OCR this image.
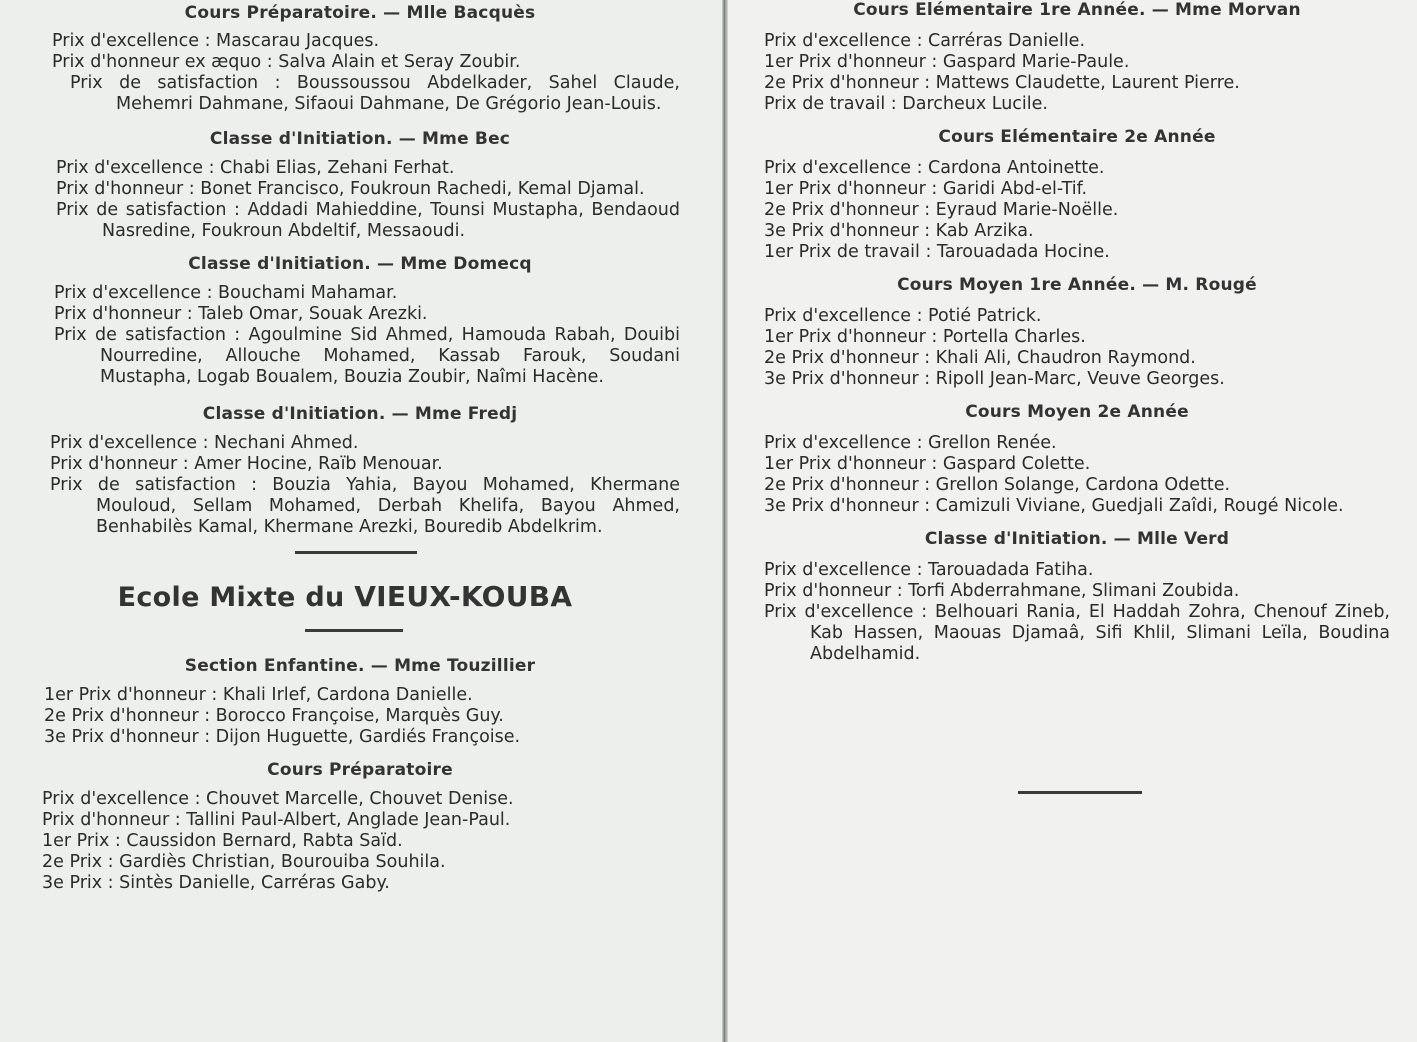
Cours Préparatoire. — Mlle Bacquès
Prix d'excellence : Mascarau Jacques.
Prix d'honneur ex æquo : Salva Alain et Seray Zoubir.
Prix de satisfaction : Boussoussou Abdelkader, Sahel Claude, Mehemri Dahmane, Sifaoui Dahmane, De Grégorio Jean-Louis.
Classe d'Initiation. — Mme Bec
Prix d'excellence : Chabi Elias, Zehani Ferhat.
Prix d'honneur : Bonet Francisco, Foukroun Rachedi, Kemal Djamal.
Prix de satisfaction : Addadi Mahieddine, Tounsi Mustapha, Bendaoud Nasredine, Foukroun Abdeltif, Messaoudi.
Classe d'Initiation. — Mme Domecq
Prix d'excellence : Bouchami Mahamar.
Prix d'honneur : Taleb Omar, Souak Arezki.
Prix de satisfaction : Agoulmine Sid Ahmed, Hamouda Rabah, Douibi Nourredine, Allouche Mohamed, Kassab Farouk, Soudani Mustapha, Logab Boualem, Bouzia Zoubir, Naîmi Hacène.
Classe d'Initiation. — Mme Fredj
Prix d'excellence : Nechani Ahmed.
Prix d'honneur : Amer Hocine, Raïb Menouar.
Prix de satisfaction : Bouzia Yahia, Bayou Mohamed, Khermane Mouloud, Sellam Mohamed, Derbah Khelifa, Bayou Ahmed, Benhabilès Kamal, Khermane Arezki, Bouredib Abdelkrim.
Ecole Mixte du VIEUX-KOUBA
Section Enfantine. — Mme Touzillier
1er Prix d'honneur : Khali Irlef, Cardona Danielle.
2e Prix d'honneur : Borocco Françoise, Marquès Guy.
3e Prix d'honneur : Dijon Huguette, Gardiés Françoise.
Cours Préparatoire
Prix d'excellence : Chouvet Marcelle, Chouvet Denise.
Prix d'honneur : Tallini Paul-Albert, Anglade Jean-Paul.
1er Prix : Caussidon Bernard, Rabta Saïd.
2e Prix : Gardiès Christian, Bourouiba Souhila.
3e Prix : Sintès Danielle, Carréras Gaby.
Cours Elémentaire 1re Année. — Mme Morvan
Prix d'excellence : Carréras Danielle.
1er Prix d'honneur : Gaspard Marie-Paule.
2e Prix d'honneur : Mattews Claudette, Laurent Pierre.
Prix de travail : Darcheux Lucile.
Cours Elémentaire 2e Année
Prix d'excellence : Cardona Antoinette.
1er Prix d'honneur : Garidi Abd-el-Tif.
2e Prix d'honneur : Eyraud Marie-Noëlle.
3e Prix d'honneur : Kab Arzika.
1er Prix de travail : Tarouadada Hocine.
Cours Moyen 1re Année. — M. Rougé
Prix d'excellence : Potié Patrick.
1er Prix d'honneur : Portella Charles.
2e Prix d'honneur : Khali Ali, Chaudron Raymond.
3e Prix d'honneur : Ripoll Jean-Marc, Veuve Georges.
Cours Moyen 2e Année
Prix d'excellence : Grellon Renée.
1er Prix d'honneur : Gaspard Colette.
2e Prix d'honneur : Grellon Solange, Cardona Odette.
3e Prix d'honneur : Camizuli Viviane, Guedjali Zaîdi, Rougé Nicole.
Classe d'Initiation. — Mlle Verd
Prix d'excellence : Tarouadada Fatiha.
Prix d'honneur : Torfi Abderrahmane, Slimani Zoubida.
Prix d'excellence : Belhouari Rania, El Haddah Zohra, Chenouf Zineb, Kab Hassen, Maouas Djamaâ, Sifi Khlil, Slimani Leïla, Boudina Abdelhamid.
